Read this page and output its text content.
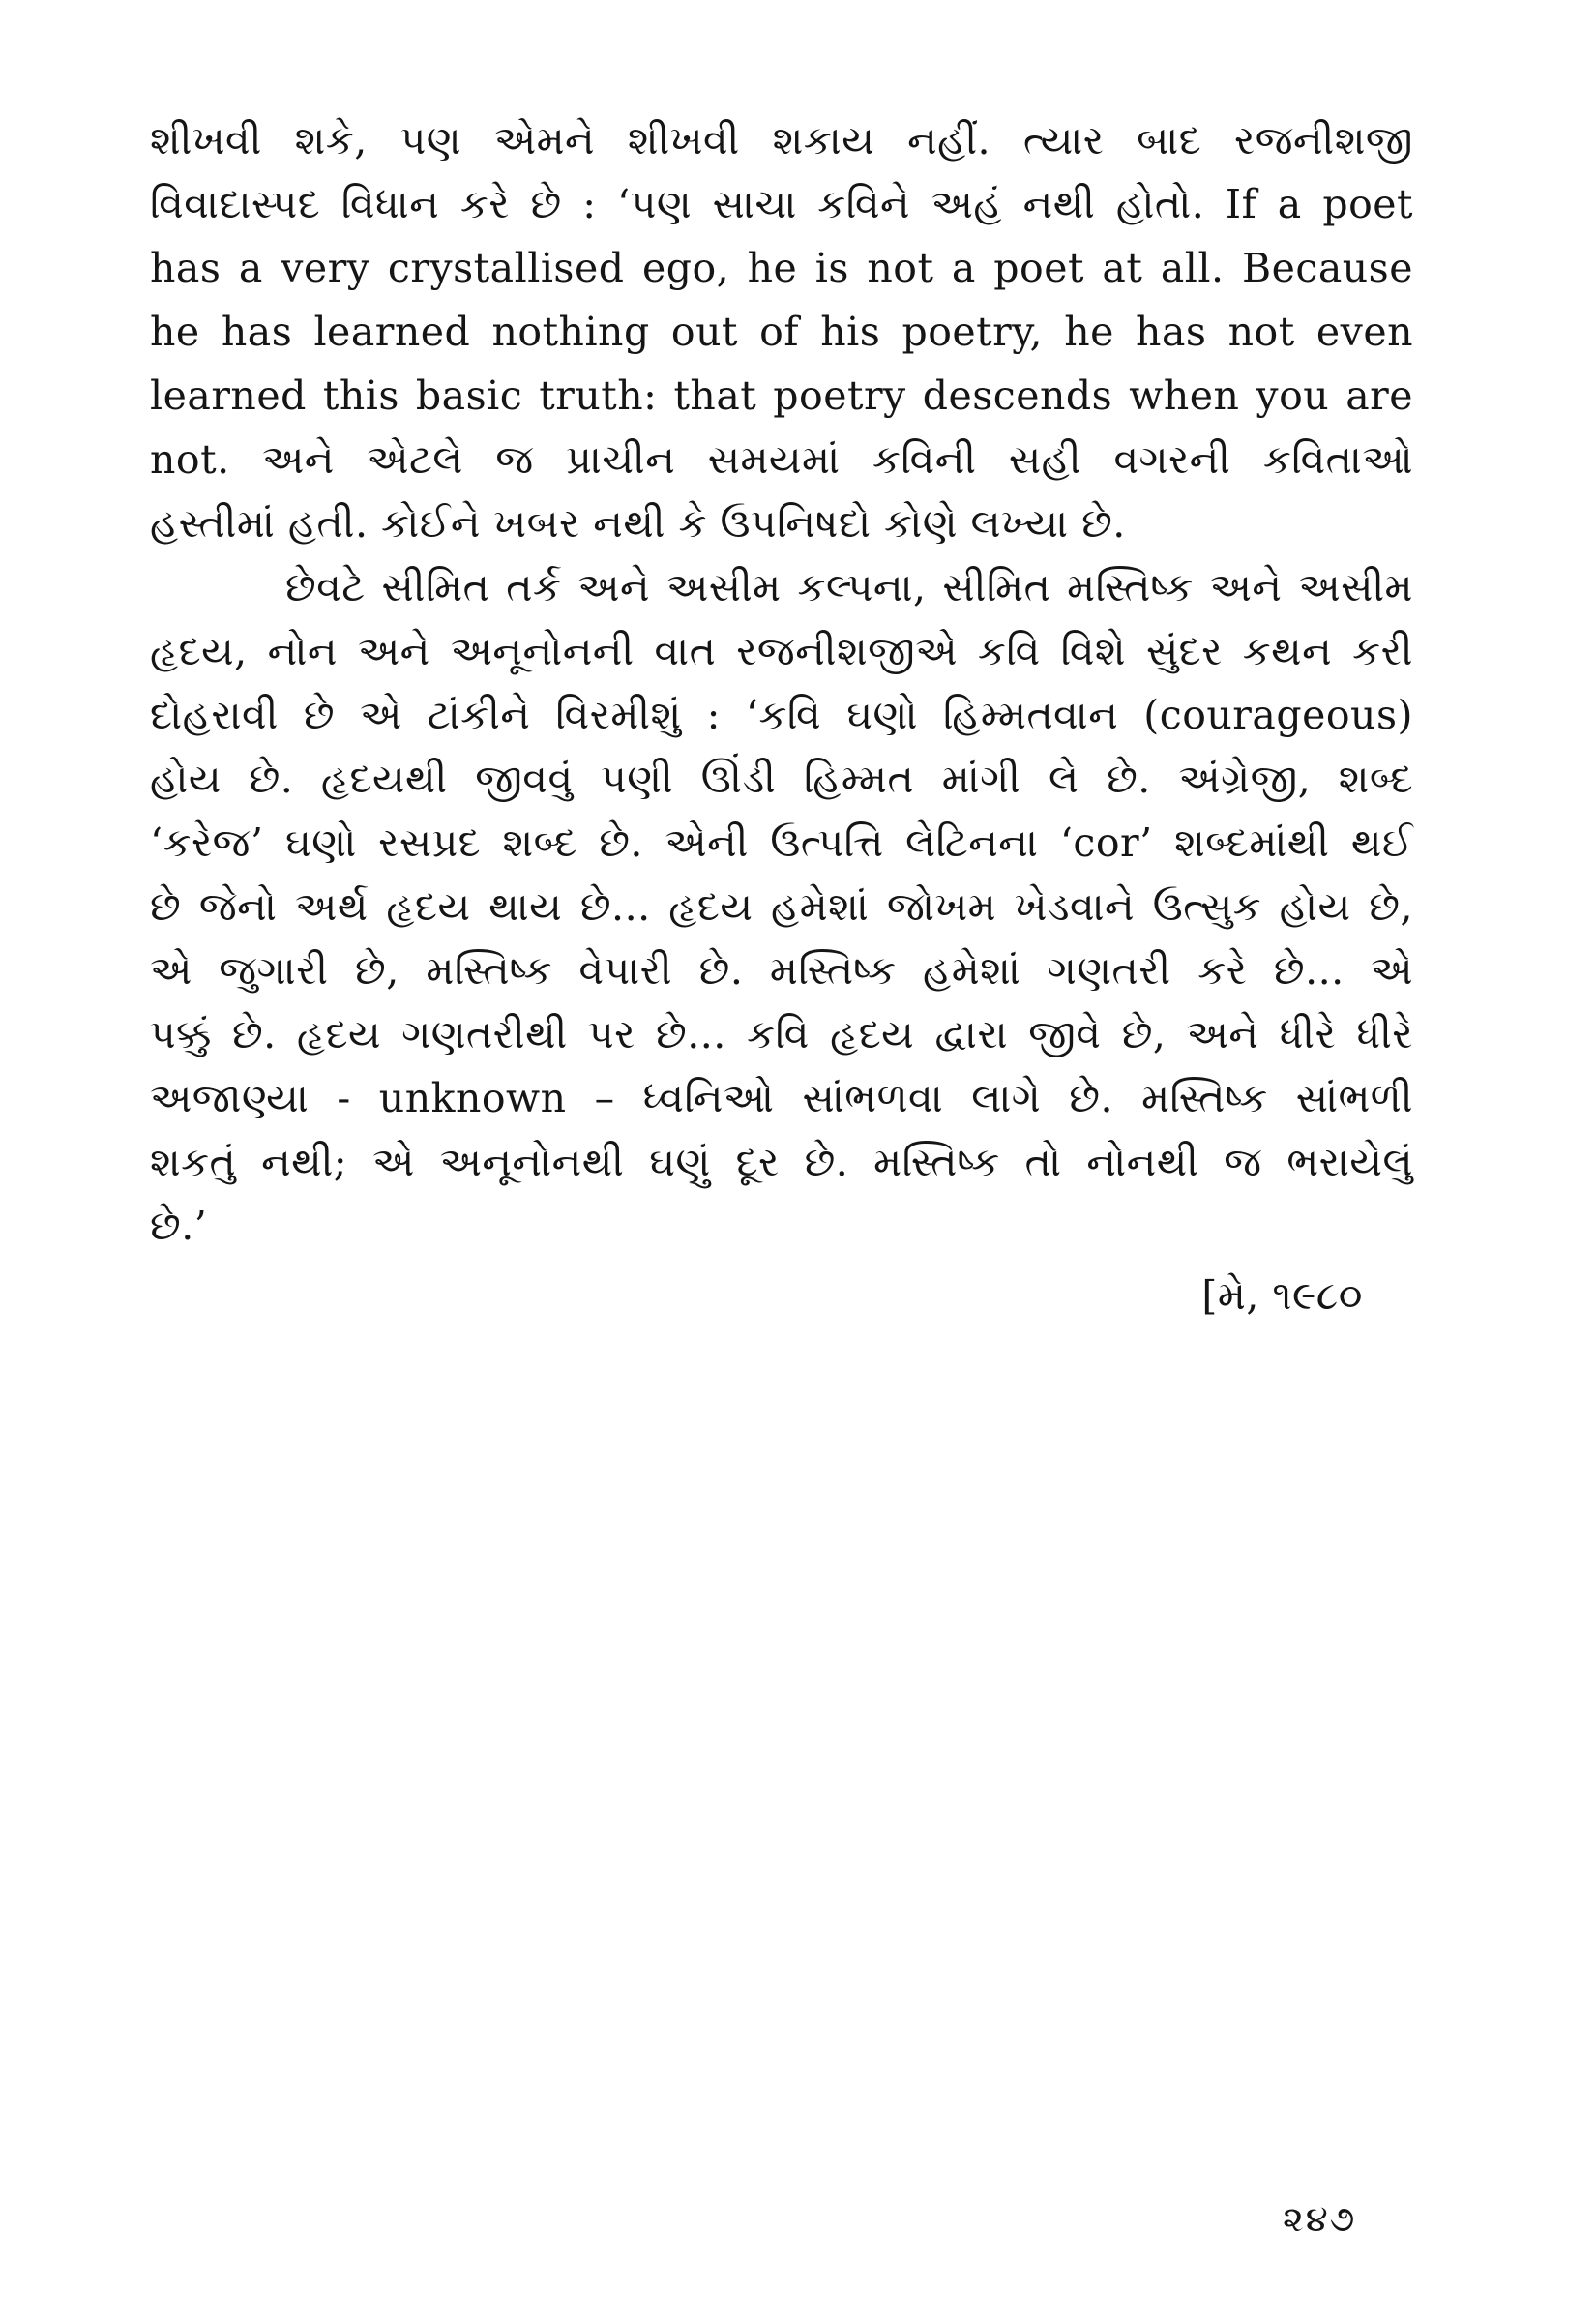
શીખવી શકે, પણ એમને શીખવી શકાય નહીં. ત્યાર બાદ રજનીશજી
વિવાદાસ્પદ વિધાન કરે છે : ‘પણ સાચા કવિને અહં નથી હોતો. If a poet
has a very crystallised ego, he is not a poet at all. Because
he has learned nothing out of his poetry, he has not even
learned this basic truth: that poetry descends when you are
not. અને એટલે જ પ્રાચીન સમયમાં કવિની સહી વગરની કવિતાઓ
હસ્તીમાં હતી. કોઈને ખબર નથી કે ઉપનિષદો કોણે લખ્યા છે.
છેવટે સીમિત તર્ક અને અસીમ કલ્પના, સીમિત મસ્તિષ્ક અને અસીમ
હૃદય, નોન અને અનૂનોનની વાત રજનીશજીએ કવિ વિશે સુંદર કથન કરી
દોહરાવી છે એ ટાંકીને વિરમીશું : ‘કવિ ઘણો હિમ્મતવાન (courageous)
હોય છે. હૃદયથી જીવવું પણી ઊંડી હિમ્મત માંગી લે છે. અંગ્રેજી, શબ્દ
‘કરેજ’ ઘણો રસપ્રદ શબ્દ છે. એની ઉત્પત્તિ લેટિનના ‘cor’ શબ્દમાંથી થઈ
છે જેનો અર્થ હૃદય થાય છે... હૃદય હમેશાં જોખમ ખેડવાને ઉત્સુક હોય છે,
એ જુગારી છે, મસ્તિષ્ક વેપારી છે. મસ્તિષ્ક હમેશાં ગણતરી કરે છે... એ
પક્કું છે. હૃદય ગણતરીથી પર છે... કવિ હૃદય દ્વારા જીવે છે, અને ધીરે ધીરે
અજાણ્યા - unknown – ધ્વનિઓ સાંભળવા લાગે છે. મસ્તિષ્ક સાંભળી
શકતું નથી; એ અનૂનોનથી ઘણું દૂર છે. મસ્તિષ્ક તો નોનથી જ ભરાયેલું
છે.’
[મે, ૧૯૮૦
૨૪૭
